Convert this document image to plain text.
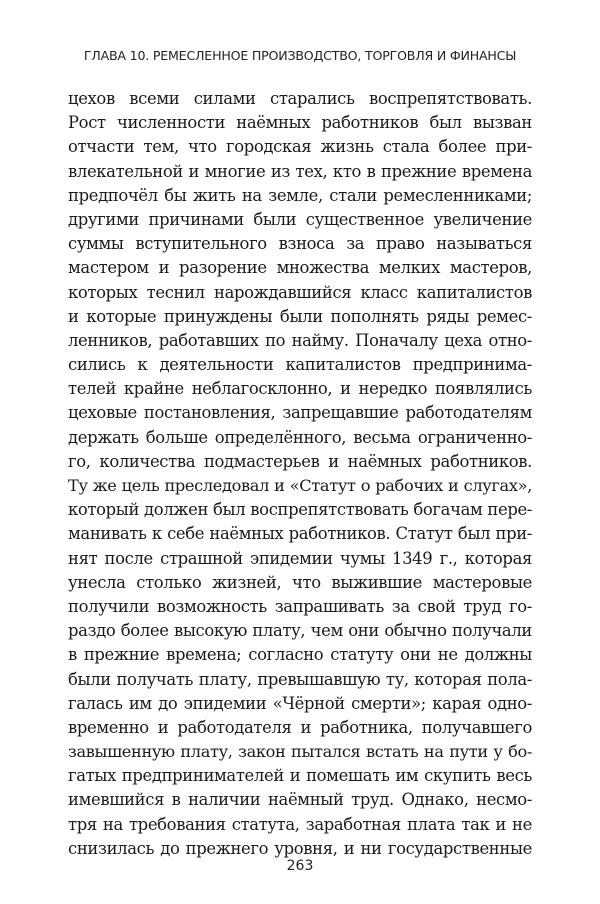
ГЛАВА 10. РЕМЕСЛЕННОЕ ПРОИЗВОДСТВО, ТОРГОВЛЯ И ФИНАНСЫ
цехов всеми силами старались воспрепятствовать.
Рост численности наёмных работников был вызван
отчасти тем, что городская жизнь стала более при-
влекательной и многие из тех, кто в прежние времена
предпочёл бы жить на земле, стали ремесленниками;
другими причинами были существенное увеличение
суммы вступительного взноса за право называться
мастером и разорение множества мелких мастеров,
которых теснил нарождавшийся класс капиталистов
и которые принуждены были пополнять ряды ремес-
ленников, работавших по найму. Поначалу цеха отно-
сились к деятельности капиталистов предпринима-
телей крайне неблагосклонно, и нередко появлялись
цеховые постановления, запрещавшие работодателям
держать больше определённого, весьма ограниченно-
го, количества подмастерьев и наёмных работников.
Ту же цель преследовал и «Статут о рабочих и слугах»,
который должен был воспрепятствовать богачам пере-
манивать к себе наёмных работников. Статут был при-
нят после страшной эпидемии чумы 1349 г., которая
унесла столько жизней, что выжившие мастеровые
получили возможность запрашивать за свой труд го-
раздо более высокую плату, чем они обычно получали
в прежние времена; согласно статуту они не должны
были получать плату, превышавшую ту, которая пола-
галась им до эпидемии «Чёрной смерти»; карая одно-
временно и работодателя и работника, получавшего
завышенную плату, закон пытался встать на пути у бо-
гатых предпринимателей и помешать им скупить весь
имевшийся в наличии наёмный труд. Однако, несмо-
тря на требования статута, заработная плата так и не
снизилась до прежнего уровня, и ни государственные
263
